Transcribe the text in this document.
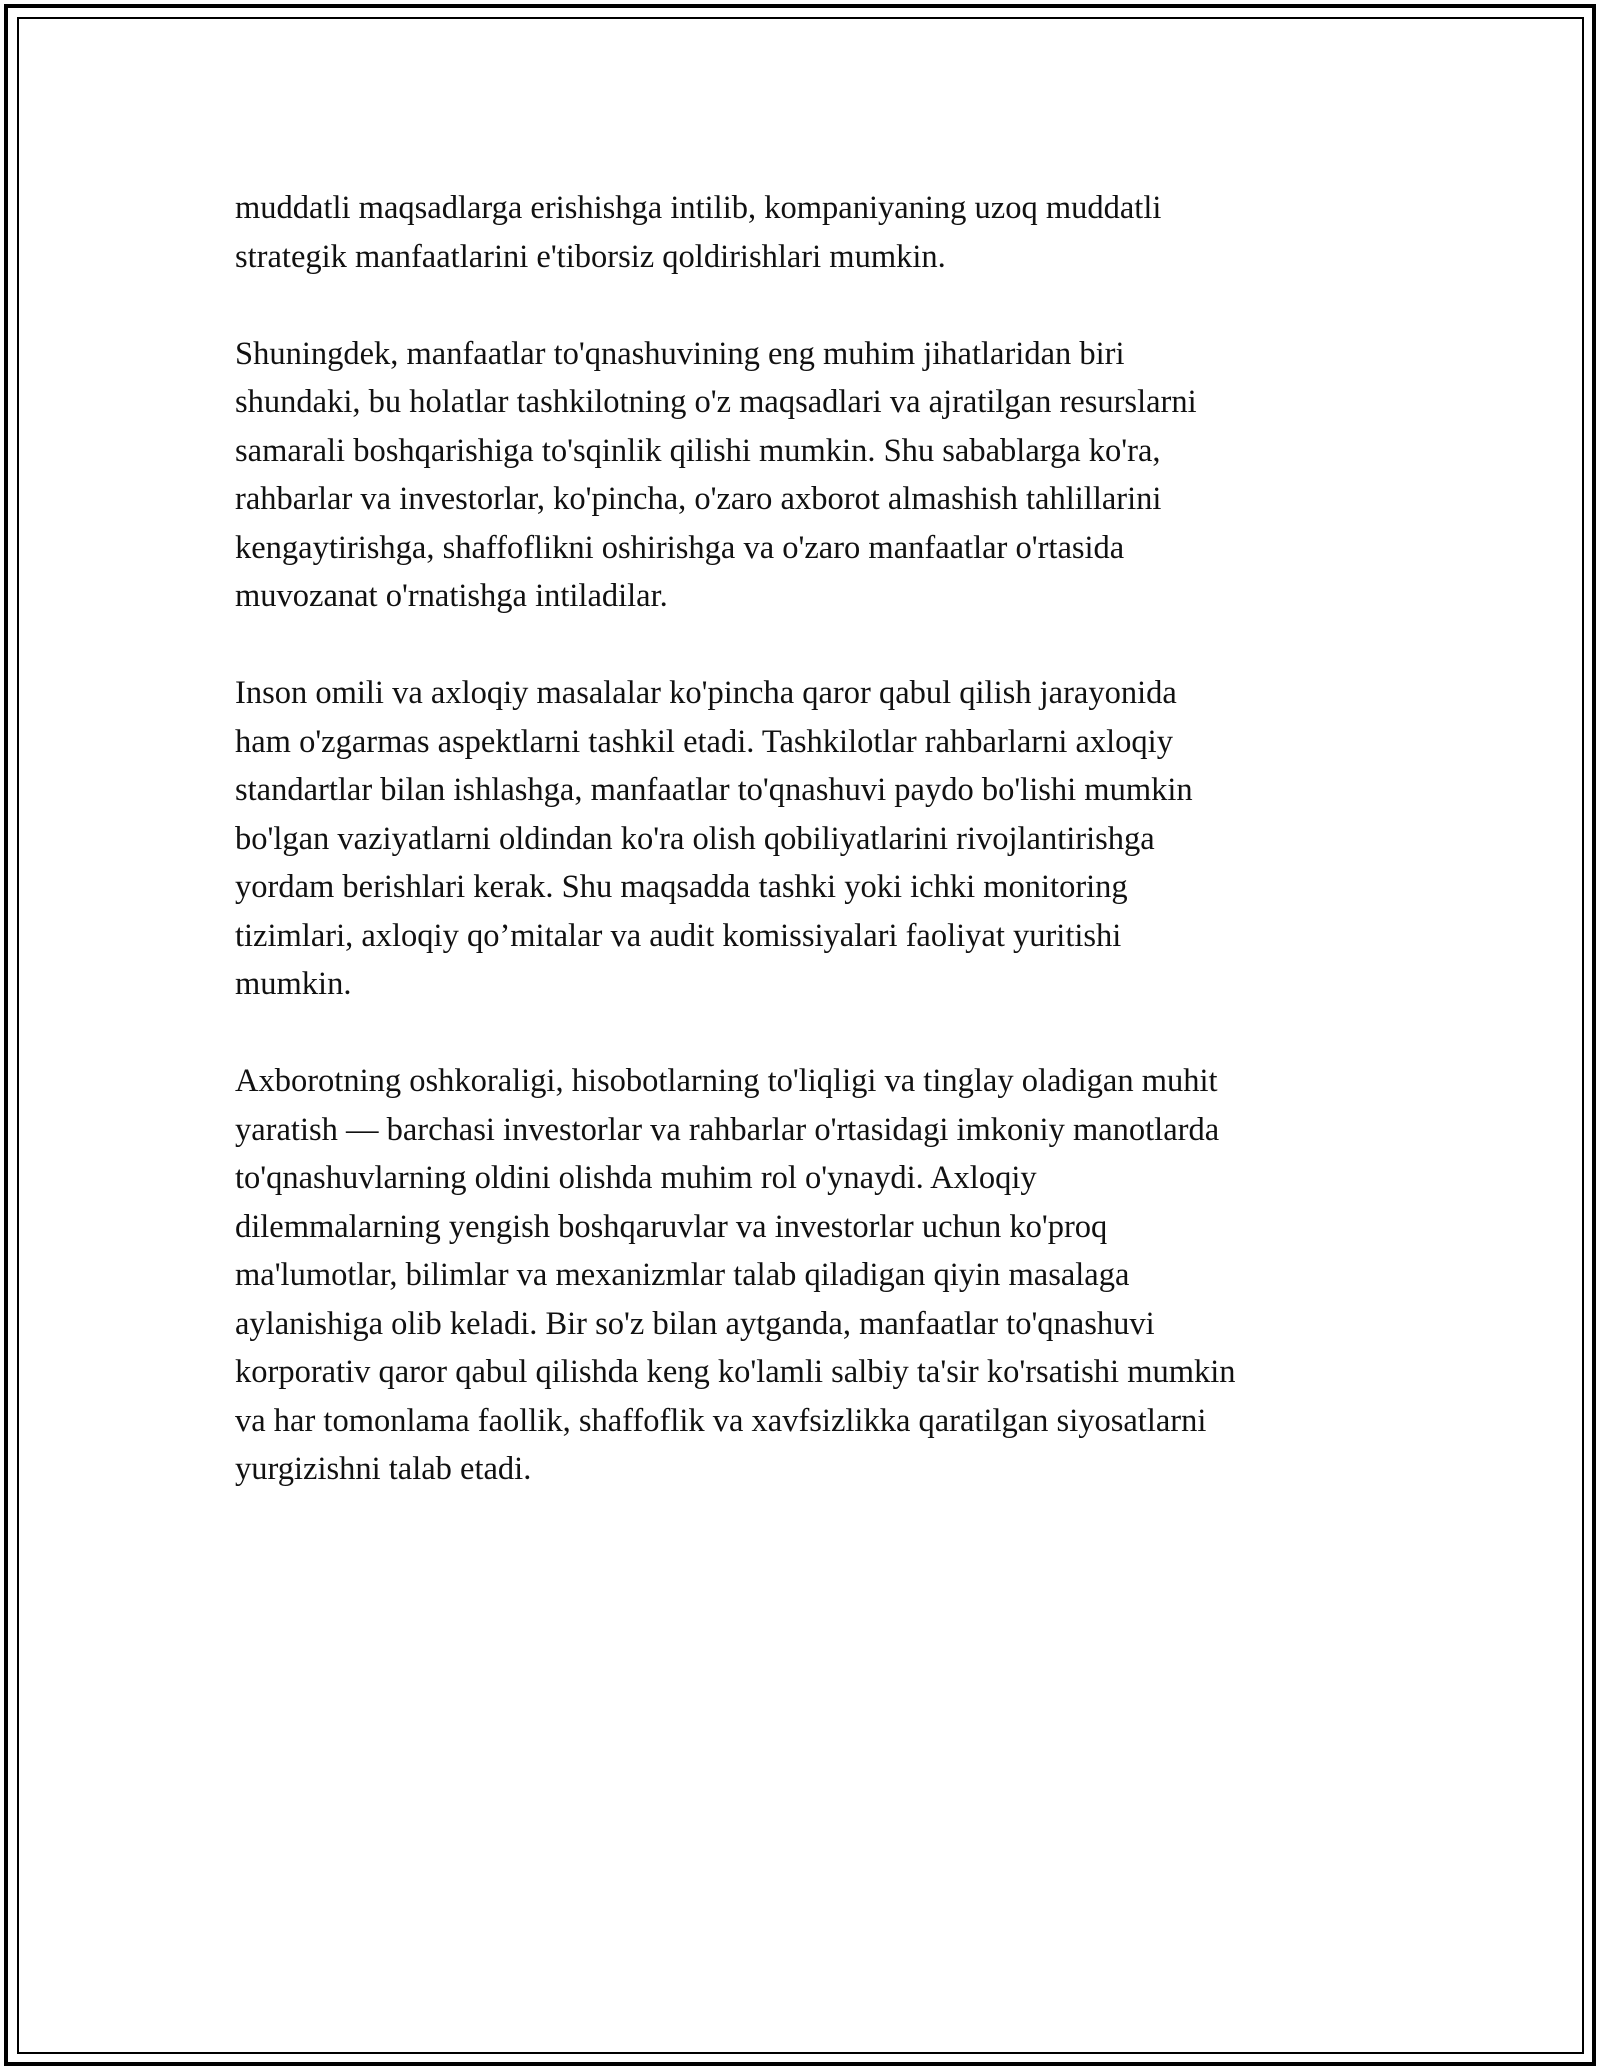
muddatli maqsadlarga erishishga intilib, kompaniyaning uzoq muddatli
strategik manfaatlarini e'tiborsiz qoldirishlari mumkin.

Shuningdek, manfaatlar to'qnashuvining eng muhim jihatlaridan biri
shundaki, bu holatlar tashkilotning o'z maqsadlari va ajratilgan resurslarni
samarali boshqarishiga to'sqinlik qilishi mumkin. Shu sabablarga ko'ra,
rahbarlar va investorlar, ko'pincha, o'zaro axborot almashish tahlillarini
kengaytirishga, shaffoflikni oshirishga va o'zaro manfaatlar o'rtasida
muvozanat o'rnatishga intiladilar.

Inson omili va axloqiy masalalar ko'pincha qaror qabul qilish jarayonida
ham o'zgarmas aspektlarni tashkil etadi. Tashkilotlar rahbarlarni axloqiy
standartlar bilan ishlashga, manfaatlar to'qnashuvi paydo bo'lishi mumkin
bo'lgan vaziyatlarni oldindan ko'ra olish qobiliyatlarini rivojlantirishga
yordam berishlari kerak. Shu maqsadda tashki yoki ichki monitoring
tizimlari, axloqiy qo’mitalar va audit komissiyalari faoliyat yuritishi
mumkin.

Axborotning oshkoraligi, hisobotlarning to'liqligi va tinglay oladigan muhit
yaratish — barchasi investorlar va rahbarlar o'rtasidagi imkoniy manotlarda
to'qnashuvlarning oldini olishda muhim rol o'ynaydi. Axloqiy
dilemmalarning yengish boshqaruvlar va investorlar uchun ko'proq
ma'lumotlar, bilimlar va mexanizmlar talab qiladigan qiyin masalaga
aylanishiga olib keladi. Bir so'z bilan aytganda, manfaatlar to'qnashuvi
korporativ qaror qabul qilishda keng ko'lamli salbiy ta'sir ko'rsatishi mumkin
va har tomonlama faollik, shaffoflik va xavfsizlikka qaratilgan siyosatlarni
yurgizishni talab etadi.
